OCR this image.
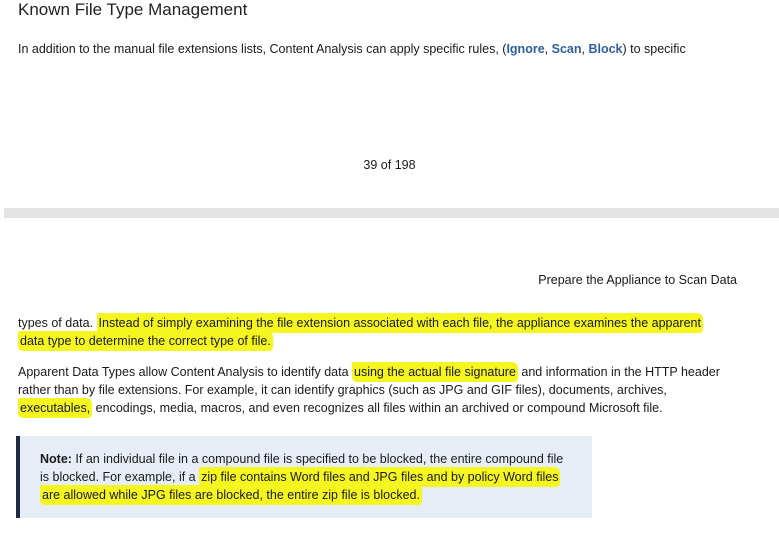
Known File Type Management
In addition to the manual file extensions lists, Content Analysis can apply specific rules, (Ignore, Scan, Block) to specific
39 of 198
Prepare the Appliance to Scan Data
types of data. Instead of simply examining the file extension associated with each file, the appliance examines the apparent
data type to determine the correct type of file.
Apparent Data Types allow Content Analysis to identify data using the actual file signature and information in the HTTP header
rather than by file extensions. For example, it can identify graphics (such as JPG and GIF files), documents, archives,
executables, encodings, media, macros, and even recognizes all files within an archived or compound Microsoft file.
Note: If an individual file in a compound file is specified to be blocked, the entire compound file
is blocked. For example, if a zip file contains Word files and JPG files and by policy Word files
are allowed while JPG files are blocked, the entire zip file is blocked.
